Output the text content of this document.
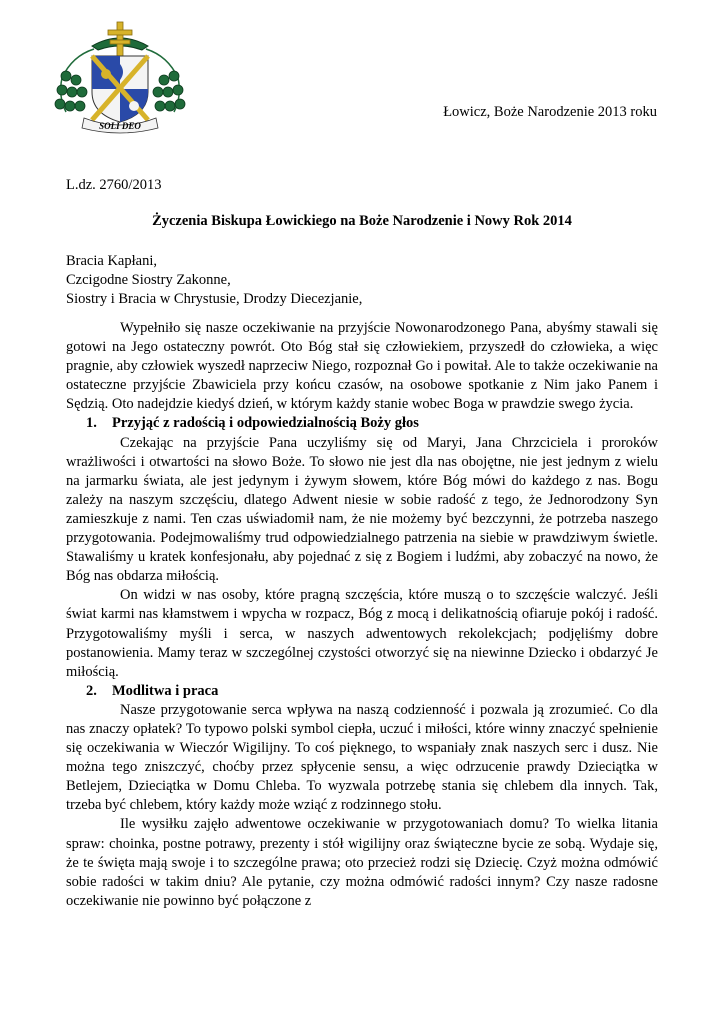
SOLI DEO
Łowicz, Boże Narodzenie 2013 roku
L.dz. 2760/2013
Życzenia Biskupa Łowickiego na Boże Narodzenie i Nowy Rok 2014
Bracia Kapłani,
Czcigodne Siostry Zakonne,
Siostry i Bracia w Chrystusie, Drodzy Diecezjanie,

Wypełniło się nasze oczekiwanie na przyjście Nowonarodzonego Pana, abyśmy stawali się gotowi na Jego ostateczny powrót. Oto Bóg stał się człowiekiem, przyszedł do człowieka, a więc pragnie, aby człowiek wyszedł naprzeciw Niego, rozpoznał Go i powitał. Ale to także oczekiwanie na ostateczne przyjście Zbawiciela przy końcu czasów, na osobowe spotkanie z Nim jako Panem i Sędzią. Oto nadejdzie kiedyś dzień, w którym każdy stanie wobec Boga w prawdzie swego życia.

1. Przyjąć z radością i odpowiedzialnością Boży głos

Czekając na przyjście Pana uczyliśmy się od Maryi, Jana Chrzciciela i proroków wrażliwości i otwartości na słowo Boże. To słowo nie jest dla nas obojętne, nie jest jednym z wielu na jarmarku świata, ale jest jedynym i żywym słowem, które Bóg mówi do każdego z nas. Bogu zależy na naszym szczęściu, dlatego Adwent niesie w sobie radość z tego, że Jednorodzony Syn zamieszkuje z nami. Ten czas uświadomił nam, że nie możemy być bezczynni, że potrzeba naszego przygotowania. Podejmowaliśmy trud odpowiedzialnego patrzenia na siebie w prawdziwym świetle. Stawaliśmy u kratek konfesjonału, aby pojednać z się z Bogiem i ludźmi, aby zobaczyć na nowo, że Bóg nas obdarza miłością.

On widzi w nas osoby, które pragną szczęścia, które muszą o to szczęście walczyć. Jeśli świat karmi nas kłamstwem i wpycha w rozpacz, Bóg z mocą i delikatnością ofiaruje pokój i radość. Przygotowaliśmy myśli i serca, w naszych adwentowych rekolekcjach; podjęliśmy dobre postanowienia. Mamy teraz w szczególnej czystości otworzyć się na niewinne Dziecko i obdarzyć Je miłością.

2. Modlitwa i praca

Nasze przygotowanie serca wpływa na naszą codzienność i pozwala ją zrozumieć. Co dla nas znaczy opłatek? To typowo polski symbol ciepła, uczuć i miłości, które winny znaczyć spełnienie się oczekiwania w Wieczór Wigilijny. To coś pięknego, to wspaniały znak naszych serc i dusz. Nie można tego zniszczyć, choćby przez spłycenie sensu, a więc odrzucenie prawdy Dzieciątka w Betlejem, Dzieciątka w Domu Chleba. To wyzwala potrzebę stania się chlebem dla innych. Tak, trzeba być chlebem, który każdy może wziąć z rodzinnego stołu.

Ile wysiłku zajęło adwentowe oczekiwanie w przygotowaniach domu? To wielka litania spraw: choinka, postne potrawy, prezenty i stół wigilijny oraz świąteczne bycie ze sobą. Wydaje się, że te święta mają swoje i to szczególne prawa; oto przecież rodzi się Dziecię. Czyż można odmówić sobie radości w takim dniu? Ale pytanie, czy można odmówić radości innym? Czy nasze radosne oczekiwanie nie powinno być połączone z
